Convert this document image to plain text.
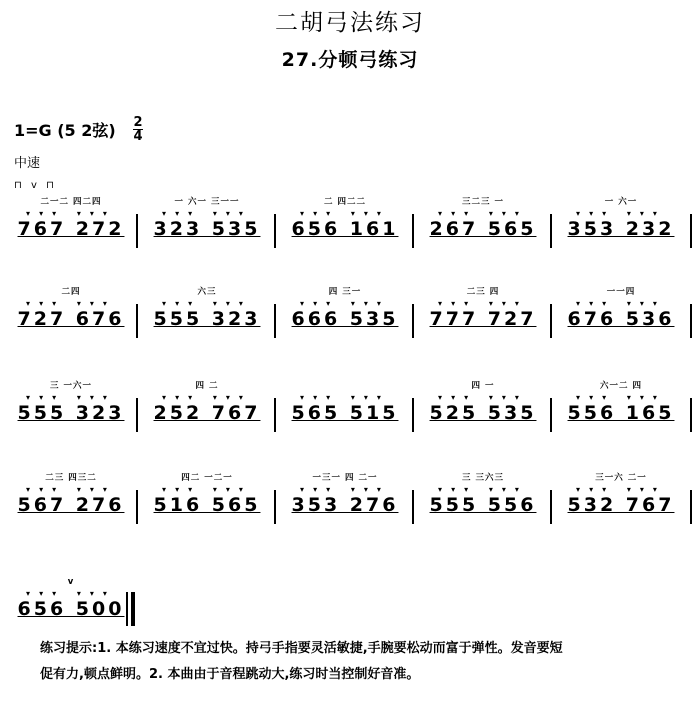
二胡弓法练习
27.分顿弓练习
1=G (5 2弦) 2
4
中速
⊓ v ⊓
二一二 四二四
▾▾▾ ▾▾▾
767 272
一 六一 三一一
▾▾▾ ▾▾▾
323 535
二 四二二
▾▾▾ ▾▾▾
656 161
三二三 一
▾▾▾ ▾▾▾
267 565
一 六一
▾▾▾ ▾▾▾
353 232
二四
▾▾▾ ▾▾▾
727 676
六三
▾▾▾ ▾▾▾
555 323
四 三一
▾▾▾ ▾▾▾
666 535
二三 四
▾▾▾ ▾▾▾
777 727
一一四
▾▾▾ ▾▾▾
676 536
三 一六一
▾▾▾ ▾▾▾
555 323
四 二
▾▾▾ ▾▾▾
252 767
▾▾▾ ▾▾▾
565 515
四 一
▾▾▾ ▾▾▾
525 535
六一二 四
▾▾▾ ▾▾▾
556 165
二三 四三二
▾▾▾ ▾▾▾
567 276
四二 一二一
▾▾▾ ▾▾▾
516 565
一三一 四 二一
▾▾▾ ▾▾▾
353 276
三 三六三
▾▾▾ ▾▾▾
555 556
三一六 二一
▾▾▾ ▾▾▾
532 767
v
▾▾▾ ▾▾▾
656 500
练习提示:1. 本练习速度不宜过快。持弓手指要灵活敏捷,手腕要松动而富于弹性。发音要短
促有力,顿点鲜明。2. 本曲由于音程跳动大,练习时当控制好音准。
